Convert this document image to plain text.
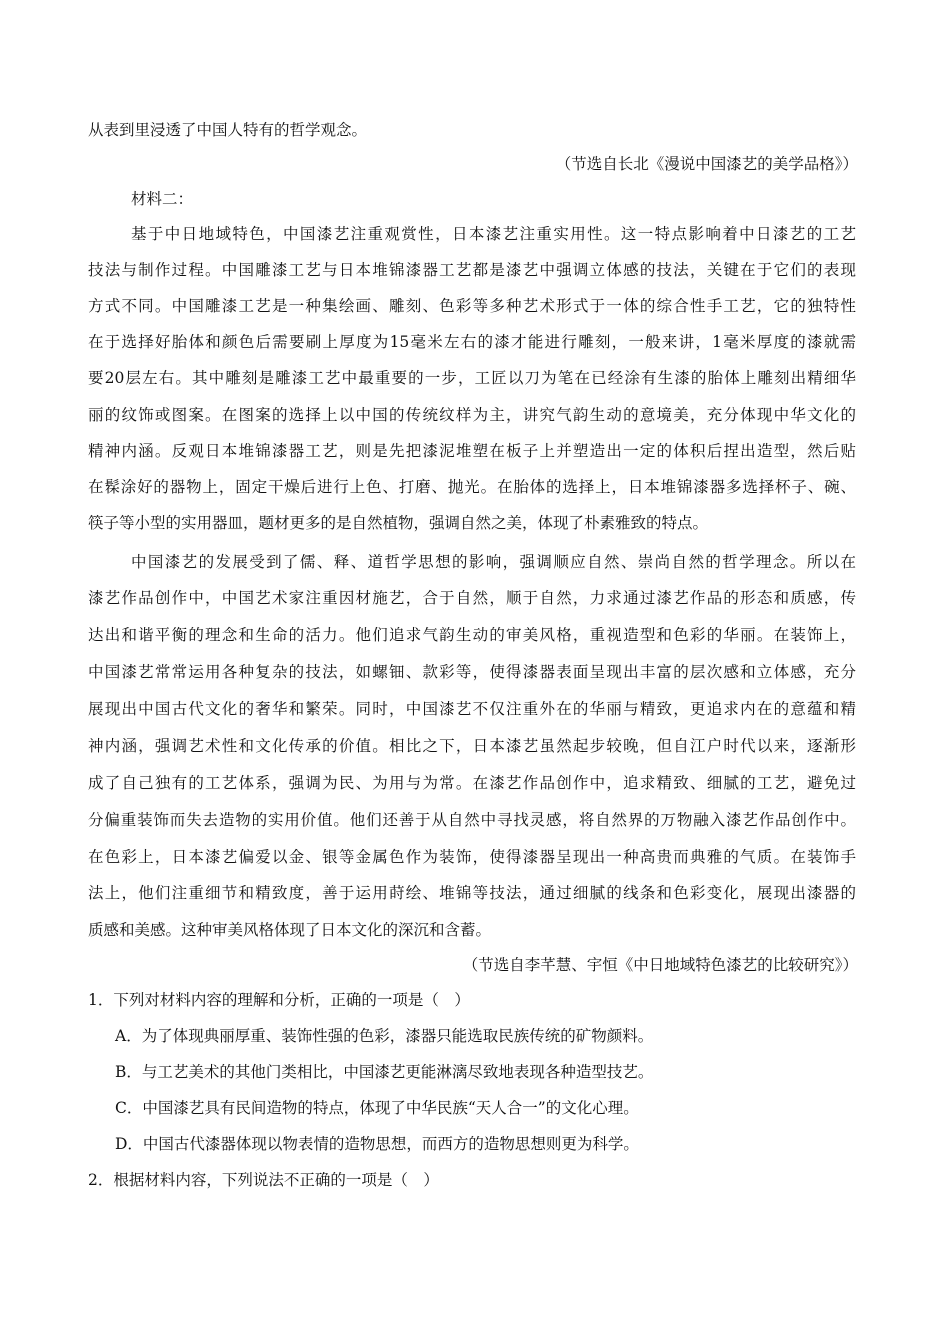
从表到里浸透了中国人特有的哲学观念。
（节选自长北《漫说中国漆艺的美学品格》）
材料二：
基于中日地域特色，中国漆艺注重观赏性，日本漆艺注重实用性。这一特点影响着中日漆艺的工艺
技法与制作过程。中国雕漆工艺与日本堆锦漆器工艺都是漆艺中强调立体感的技法，关键在于它们的表现
方式不同。中国雕漆工艺是一种集绘画、雕刻、色彩等多种艺术形式于一体的综合性手工艺，它的独特性
在于选择好胎体和颜色后需要刷上厚度为15毫米左右的漆才能进行雕刻，一般来讲，1毫米厚度的漆就需
要20层左右。其中雕刻是雕漆工艺中最重要的一步，工匠以刀为笔在已经涂有生漆的胎体上雕刻出精细华
丽的纹饰或图案。在图案的选择上以中国的传统纹样为主，讲究气韵生动的意境美，充分体现中华文化的
精神内涵。反观日本堆锦漆器工艺，则是先把漆泥堆塑在板子上并塑造出一定的体积后捏出造型，然后贴
在髹涂好的器物上，固定干燥后进行上色、打磨、抛光。在胎体的选择上，日本堆锦漆器多选择杯子、碗、
筷子等小型的实用器皿，题材更多的是自然植物，强调自然之美，体现了朴素雅致的特点。
中国漆艺的发展受到了儒、释、道哲学思想的影响，强调顺应自然、崇尚自然的哲学理念。所以在
漆艺作品创作中，中国艺术家注重因材施艺，合于自然，顺于自然，力求通过漆艺作品的形态和质感，传
达出和谐平衡的理念和生命的活力。他们追求气韵生动的审美风格，重视造型和色彩的华丽。在装饰上，
中国漆艺常常运用各种复杂的技法，如螺钿、款彩等，使得漆器表面呈现出丰富的层次感和立体感，充分
展现出中国古代文化的奢华和繁荣。同时，中国漆艺不仅注重外在的华丽与精致，更追求内在的意蕴和精
神内涵，强调艺术性和文化传承的价值。相比之下，日本漆艺虽然起步较晚，但自江户时代以来，逐渐形
成了自己独有的工艺体系，强调为民、为用与为常。在漆艺作品创作中，追求精致、细腻的工艺，避免过
分偏重装饰而失去造物的实用价值。他们还善于从自然中寻找灵感，将自然界的万物融入漆艺作品创作中。
在色彩上，日本漆艺偏爱以金、银等金属色作为装饰，使得漆器呈现出一种高贵而典雅的气质。在装饰手
法上，他们注重细节和精致度，善于运用莳绘、堆锦等技法，通过细腻的线条和色彩变化，展现出漆器的
质感和美感。这种审美风格体现了日本文化的深沉和含蓄。
（节选自李芊慧、宇恒《中日地域特色漆艺的比较研究》）
1．下列对材料内容的理解和分析，正确的一项是（　）
A．为了体现典丽厚重、装饰性强的色彩，漆器只能选取民族传统的矿物颜料。
B．与工艺美术的其他门类相比，中国漆艺更能淋漓尽致地表现各种造型技艺。
C．中国漆艺具有民间造物的特点，体现了中华民族“天人合一”的文化心理。
D．中国古代漆器体现以物表情的造物思想，而西方的造物思想则更为科学。
2．根据材料内容，下列说法不正确的一项是（　）
